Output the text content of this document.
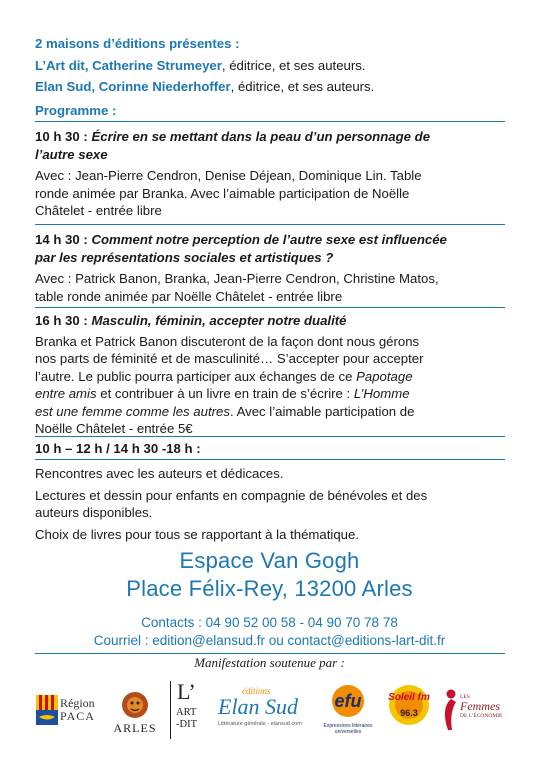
2 maisons d’éditions présentes :
L’Art dit, Catherine Strumeyer, éditrice, et ses auteurs.
Elan Sud, Corinne Niederhoffer, éditrice, et ses auteurs.
Programme :
10 h 30 : Écrire en se mettant dans la peau d’un personnage de
l’autre sexe
Avec : Jean-Pierre Cendron, Denise Déjean, Dominique Lin. Table
ronde animée par Branka. Avec l’aimable participation de Noëlle
Châtelet - entrée libre
14 h 30 : Comment notre perception de l’autre sexe est influencée
par les représentations sociales et artistiques ?
Avec : Patrick Banon, Branka, Jean-Pierre Cendron, Christine Matos,
table ronde animée par Noëlle Châtelet - entrée libre
16 h 30 : Masculin, féminin, accepter notre dualité
Branka et Patrick Banon discuteront de la façon dont nous gérons
nos parts de féminité et de masculinité… S’accepter pour accepter
l’autre. Le public pourra participer aux échanges de ce Papotage
entre amis et contribuer à un livre en train de s’écrire : L’Homme
est une femme comme les autres. Avec l’aimable participation de
Noëlle Châtelet - entrée 5€
10 h – 12 h / 14 h 30 -18 h :
Rencontres avec les auteurs et dédicaces.
Lectures et dessin pour enfants en compagnie de bénévoles et des
auteurs disponibles.
Choix de livres pour tous se rapportant à la thématique.
Espace Van Gogh
Place Félix-Rey, 13200 Arles
Contacts : 04 90 52 00 58 - 04 90 70 78 78
Courriel : edition@elansud.fr ou contact@editions-lart-dit.fr
Manifestation soutenue par :
Région
PACA
ARLES
L’
ART
-DIT
éditions
Elan Sud
Littérature générale - elansud.com
efu
Expressions littéraires universelles
Soleil fm
96.3
LES
Femmes
DE L’ÉCONOMIE
